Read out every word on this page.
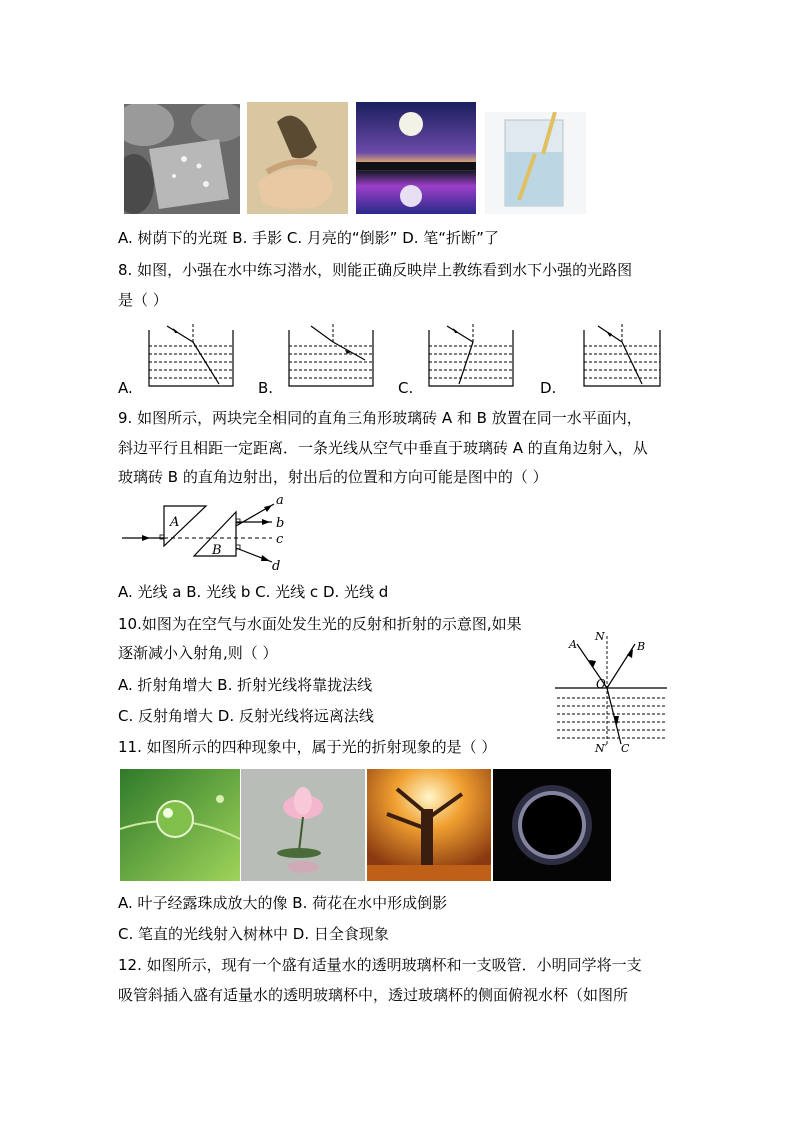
A. 树荫下的光斑 B. 手影 C. 月亮的“倒影” D. 笔“折断”了
8. 如图，小强在水中练习潜水，则能正确反映岸上教练看到水下小强的光路图
是（ ）
A.	B.	C.	D.
9. 如图所示，两块完全相同的直角三角形玻璃砖 A 和 B 放置在同一水平面内，
斜边平行且相距一定距离．一条光线从空气中垂直于玻璃砖 A 的直角边射入，从
玻璃砖 B 的直角边射出，射出后的位置和方向可能是图中的（ ）
A
B
a
b
c
d
A. 光线 a B. 光线 b C. 光线 c D. 光线 d
10.如图为在空气与水面处发生光的反射和折射的示意图,如果
逐渐减小入射角,则（ ）
A. 折射角增大 B. 折射光线将靠拢法线
C. 反射角增大 D. 反射光线将远离法线
A
N
B
O
N′ C
11. 如图所示的四种现象中，属于光的折射现象的是（ ）
A. 叶子经露珠成放大的像 B. 荷花在水中形成倒影
C. 笔直的光线射入树林中 D. 日全食现象
12. 如图所示，现有一个盛有适量水的透明玻璃杯和一支吸管．小明同学将一支
吸管斜插入盛有适量水的透明玻璃杯中，透过玻璃杯的侧面俯视水杯（如图所
